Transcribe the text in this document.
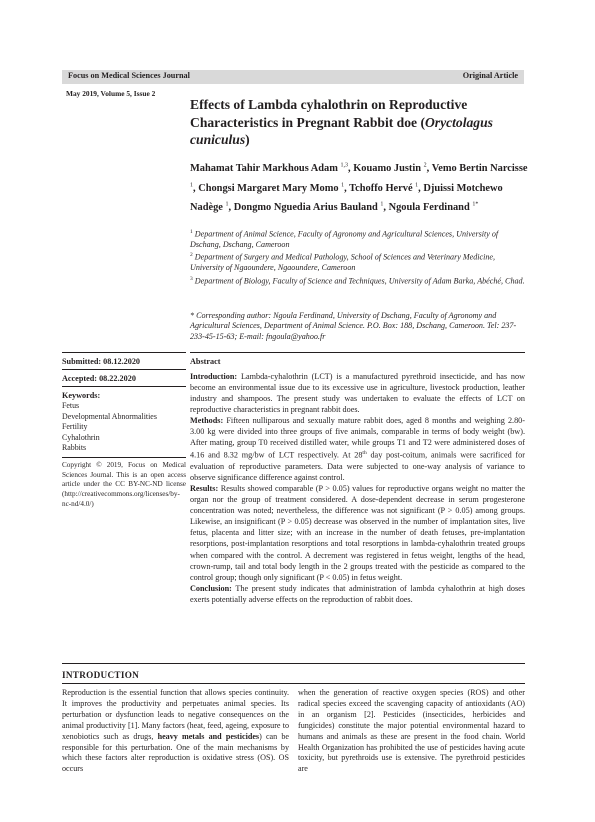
Focus on Medical Sciences Journal	Original Article
May 2019, Volume 5, Issue 2
Effects of Lambda cyhalothrin on Reproductive Characteristics in Pregnant Rabbit doe (Oryctolagus cuniculus)
Mahamat Tahir Markhous Adam $^{1,3}$, Kouamo Justin $^2$, Vemo Bertin Narcisse $^1$, Chongsi Margaret Mary Momo $^1$, Tchoffo Hervé $^1$, Djuissi Motchewo Nadège $^1$, Dongmo Nguedia Arius Bauland $^1$, Ngoula Ferdinand $^{1*}$

$^1$ Department of Animal Science, Faculty of Agronomy and Agricultural Sciences, University of Dschang, Dschang, Cameroon

$^2$ Department of Surgery and Medical Pathology, School of Sciences and Veterinary Medicine, University of Ngaoundere, Ngaoundere, Cameroon

$^3$ Department of Biology, Faculty of Science and Techniques, University of Adam Barka, Abéché, Chad.

* Corresponding author: Ngoula Ferdinand, University of Dschang, Faculty of Agronomy and Agricultural Sciences, Department of Animal Science. P.O. Box: 188, Dschang, Cameroon. Tel: 237-233-45-15-63; E-mail: fngoula@yahoo.fr
Submitted: 08.12.2020
Accepted: 08.22.2020
Keywords:
Fetus
Developmental Abnormalities
Fertility
Cyhalothrin
Rabbits
Copyright © 2019, Focus on Medical Sciences Journal. This is an open access article under the CC BY-NC-ND license (http://creativecommons.org/licenses/by-nc-nd/4.0/)
Abstract

Introduction: Lambda-cyhalothrin (LCT) is a manufactured pyrethroid insecticide, and has now become an environmental issue due to its excessive use in agriculture, livestock production, leather industry and shampoos. The present study was undertaken to evaluate the effects of LCT on reproductive characteristics in pregnant rabbit does.

Methods: Fifteen nulliparous and sexually mature rabbit does, aged 8 months and weighing 2.80-3.00 kg were divided into three groups of five animals, comparable in terms of body weight (bw). After mating, group T0 received distilled water, while groups T1 and T2 were administered doses of 4.16 and 8.32 mg/bw of LCT respectively. At 28th day post-coitum, animals were sacrificed for evaluation of reproductive parameters. Data were subjected to one-way analysis of variance to observe significance difference against control.

Results: Results showed comparable (P > 0.05) values for reproductive organs weight no matter the organ nor the group of treatment considered. A dose-dependent decrease in serum progesterone concentration was noted; nevertheless, the difference was not significant (P > 0.05) among groups. Likewise, an insignificant (P > 0.05) decrease was observed in the number of implantation sites, live fetus, placenta and litter size; with an increase in the number of death fetuses, pre-implantation resorptions, post-implantation resorptions and total resorptions in lambda-cyhalothrin treated groups when compared with the control. A decrement was registered in fetus weight, lengths of the head, crown-rump, tail and total body length in the 2 groups treated with the pesticide as compared to the control group; though only significant (P < 0.05) in fetus weight.

Conclusion: The present study indicates that administration of lambda cyhalothrin at high doses exerts potentially adverse effects on the reproduction of rabbit does.

INTRODUCTION
Reproduction is the essential function that allows species continuity. It improves the productivity and perpetuates animal species. Its perturbation or dysfunction leads to negative consequences on the animal productivity [1]. Many factors (heat, feed, ageing, exposure to xenobiotics such as drugs, heavy metals and pesticides) can be responsible for this perturbation. One of the main mechanisms by which these factors alter reproduction is oxidative stress (OS). OS occurs
when the generation of reactive oxygen species (ROS) and other radical species exceed the scavenging capacity of antioxidants (AO) in an organism [2]. Pesticides (insecticides, herbicides and fungicides) constitute the major potential environmental hazard to humans and animals as these are present in the food chain. World Health Organization has prohibited the use of pesticides having acute toxicity, but pyrethroids use is extensive. The pyrethroid pesticides are
